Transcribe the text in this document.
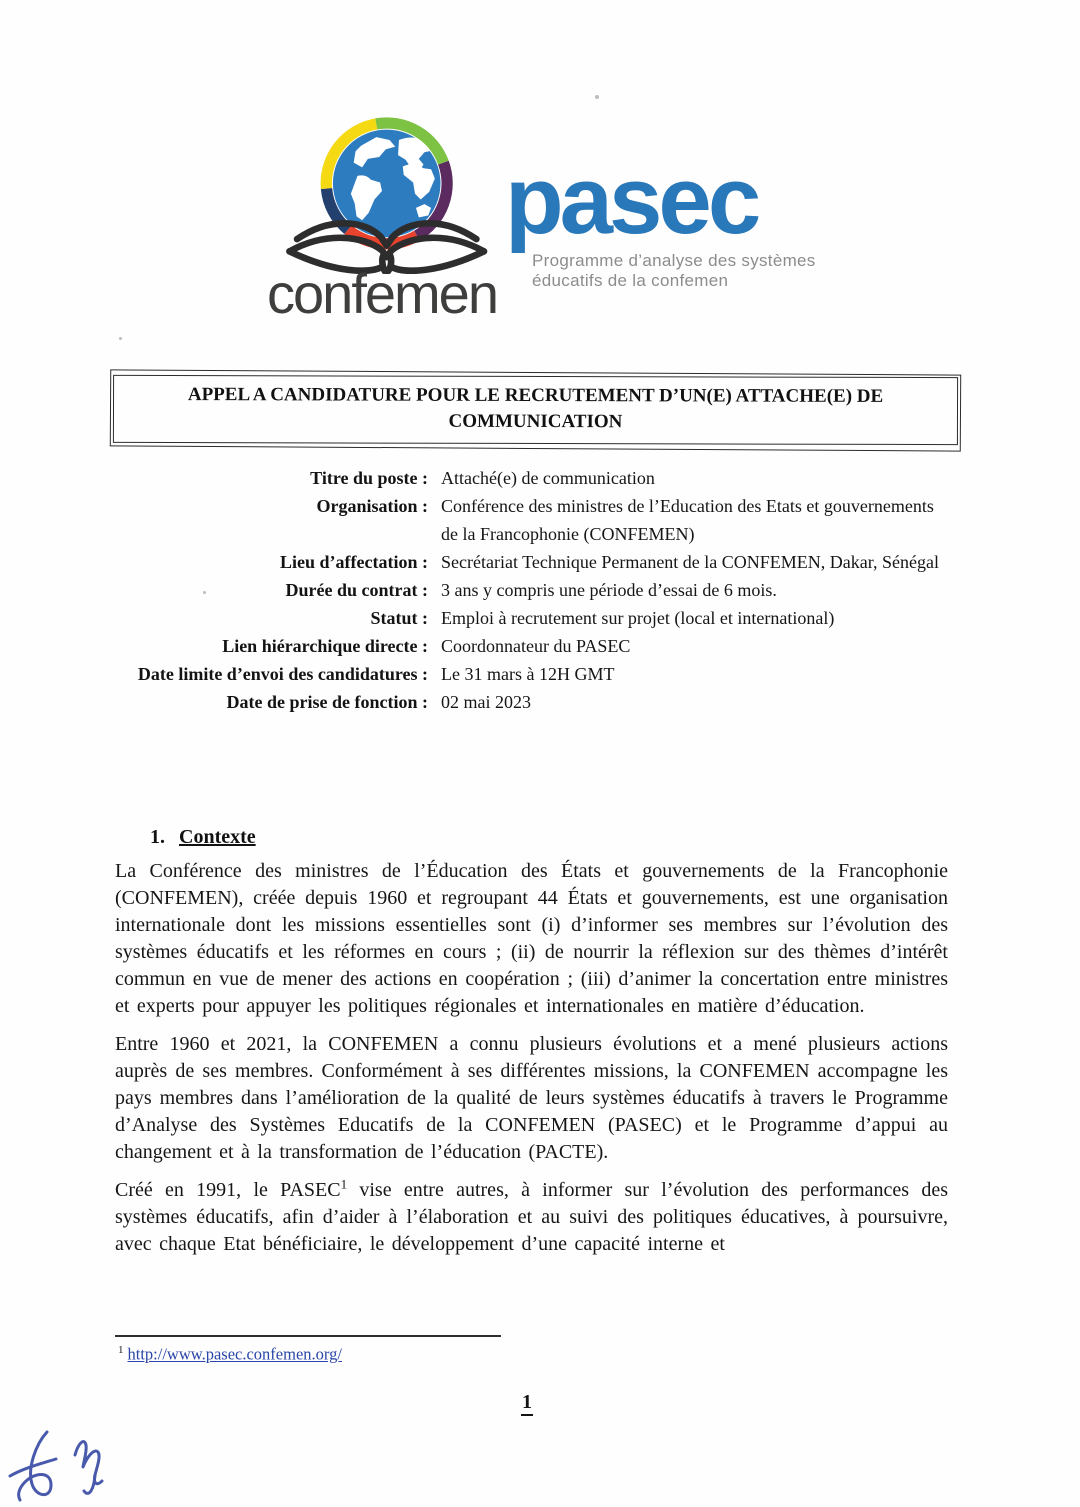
confemen
pasec
Programme d’analyse des systèmes
éducatifs de la confemen
APPEL A CANDIDATURE POUR LE RECRUTEMENT D’UN(E) ATTACHE(E) DE
COMMUNICATION
Titre du poste : Attaché(e) de communication
Organisation : Conférence des ministres de l’Education des Etats et gouvernements de la Francophonie (CONFEMEN)
Lieu d’affectation : Secrétariat Technique Permanent de la CONFEMEN, Dakar, Sénégal
Durée du contrat : 3 ans y compris une période d’essai de 6 mois.
Statut : Emploi à recrutement sur projet (local et international)
Lien hiérarchique directe : Coordonnateur du PASEC
Date limite d’envoi des candidatures : Le 31 mars à 12H GMT
Date de prise de fonction : 02 mai 2023
1. Contexte

La Conférence des ministres de l’Éducation des États et gouvernements de la Francophonie (CONFEMEN), créée depuis 1960 et regroupant 44 États et gouvernements, est une organisation internationale dont les missions essentielles sont (i) d’informer ses membres sur l’évolution des systèmes éducatifs et les réformes en cours ; (ii) de nourrir la réflexion sur des thèmes d’intérêt commun en vue de mener des actions en coopération ; (iii) d’animer la concertation entre ministres et experts pour appuyer les politiques régionales et internationales en matière d’éducation.

Entre 1960 et 2021, la CONFEMEN a connu plusieurs évolutions et a mené plusieurs actions auprès de ses membres. Conformément à ses différentes missions, la CONFEMEN accompagne les pays membres dans l’amélioration de la qualité de leurs systèmes éducatifs à travers le Programme d’Analyse des Systèmes Educatifs de la CONFEMEN (PASEC) et le Programme d’appui au changement et à la transformation de l’éducation (PACTE).

Créé en 1991, le PASEC$^1$ vise entre autres, à informer sur l’évolution des performances des systèmes éducatifs, afin d’aider à l’élaboration et au suivi des politiques éducatives, à poursuivre, avec chaque Etat bénéficiaire, le développement d’une capacité interne et

$^1$ http://www.pasec.confemen.org/
1
